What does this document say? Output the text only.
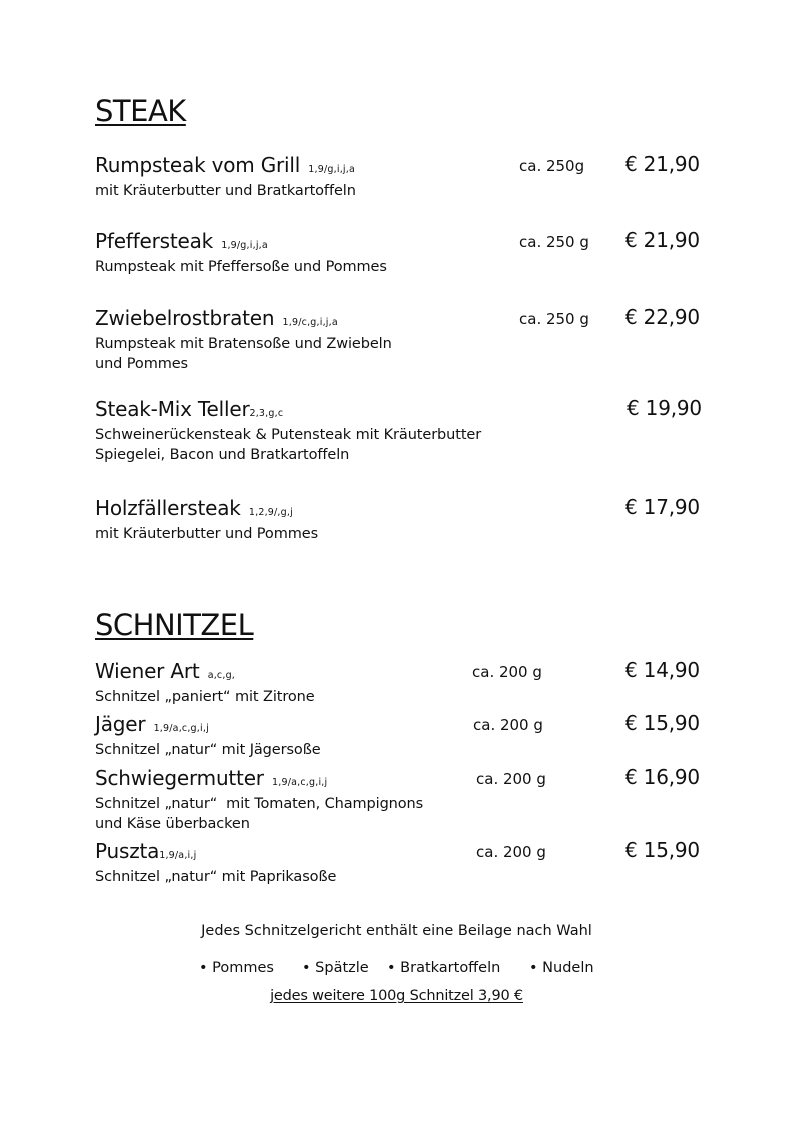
STEAK
Rumpsteak vom Grill 1,9/g,i,j,a
mit Kräuterbutter und Bratkartoffeln
ca. 250g € 21,90
Pfeffersteak 1,9/g,i,j,a
Rumpsteak mit Pfeffersoße und Pommes
ca. 250 g € 21,90
Zwiebelrostbraten 1,9/c,g,i,j,a
Rumpsteak mit Bratensoße und Zwiebeln
und Pommes
ca. 250 g € 22,90
Steak-Mix Teller2,3,g,c
Schweinerückensteak & Putensteak mit Kräuterbutter
Spiegelei, Bacon und Bratkartoffeln
€ 19,90
Holzfällersteak 1,2,9/,g,j
mit Kräuterbutter und Pommes
€ 17,90
SCHNITZEL
Wiener Art a,c,g,
Schnitzel „paniert“ mit Zitrone
ca. 200 g	€ 14,90
Jäger 1,9/a,c,g,i,j
Schnitzel „natur“ mit Jägersoße
ca. 200 g	€ 15,90
Schwiegermutter 1,9/a,c,g,i,j
Schnitzel „natur“  mit Tomaten, Champignons
und Käse überbacken
ca. 200 g	€ 16,90
Puszta1,9/a,i,j
Schnitzel „natur“ mit Paprikasoße
ca. 200 g	€ 15,90
Jedes Schnitzelgericht enthält eine Beilage nach Wahl
• Pommes • Spätzle • Bratkartoffeln • Nudeln
jedes weitere 100g Schnitzel 3,90 €
